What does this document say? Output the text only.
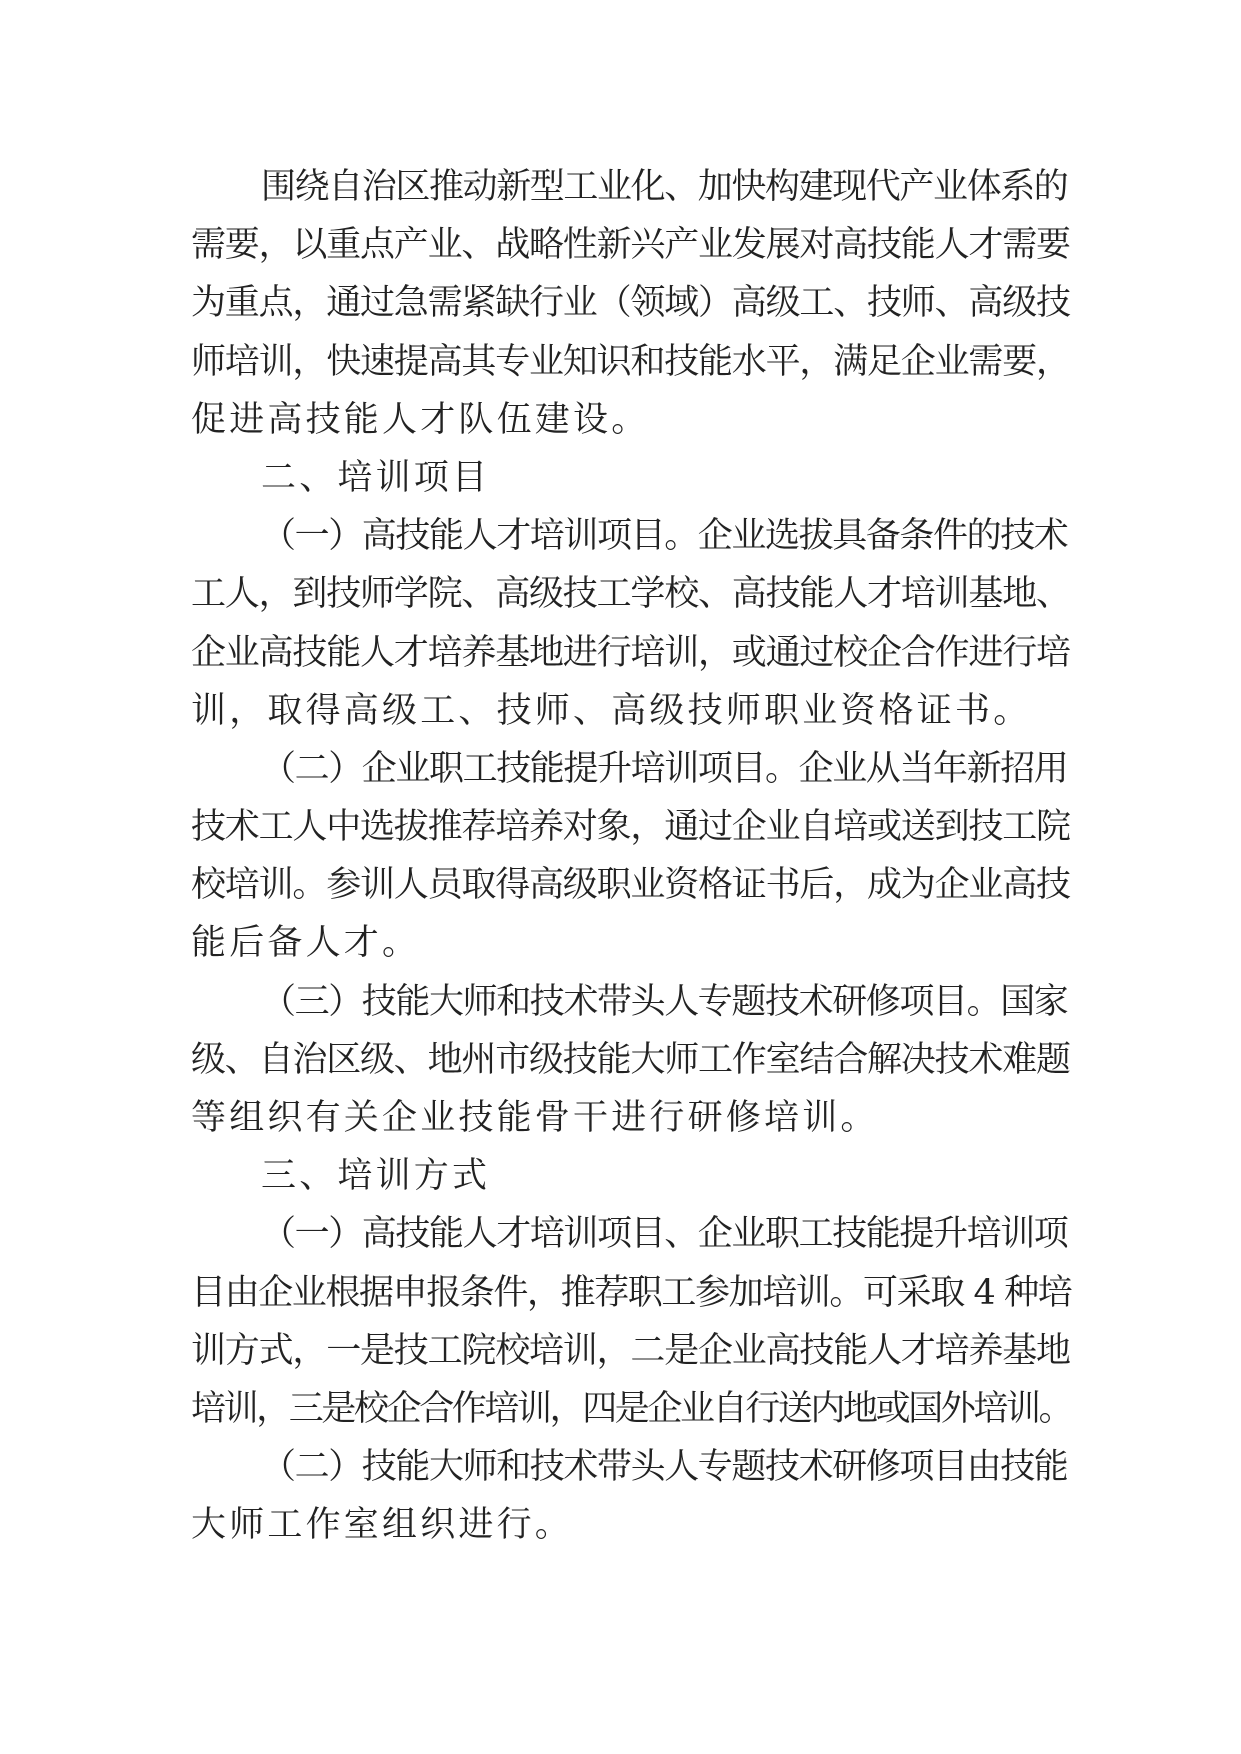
围绕自治区推动新型工业化、加快构建现代产业体系的
需要，以重点产业、战略性新兴产业发展对高技能人才需要
为重点，通过急需紧缺行业（领域）高级工、技师、高级技
师培训，快速提高其专业知识和技能水平，满足企业需要，
促进高技能人才队伍建设。
二、培训项目
（一）高技能人才培训项目。企业选拔具备条件的技术
工人，到技师学院、高级技工学校、高技能人才培训基地、
企业高技能人才培养基地进行培训，或通过校企合作进行培
训，取得高级工、技师、高级技师职业资格证书。
（二）企业职工技能提升培训项目。企业从当年新招用
技术工人中选拔推荐培养对象，通过企业自培或送到技工院
校培训。参训人员取得高级职业资格证书后，成为企业高技
能后备人才。
（三）技能大师和技术带头人专题技术研修项目。国家
级、自治区级、地州市级技能大师工作室结合解决技术难题
等组织有关企业技能骨干进行研修培训。
三、培训方式
（一）高技能人才培训项目、企业职工技能提升培训项
目由企业根据申报条件，推荐职工参加培训。可采取 4 种培
训方式，一是技工院校培训，二是企业高技能人才培养基地
培训，三是校企合作培训，四是企业自行送内地或国外培训。
（二）技能大师和技术带头人专题技术研修项目由技能
大师工作室组织进行。
